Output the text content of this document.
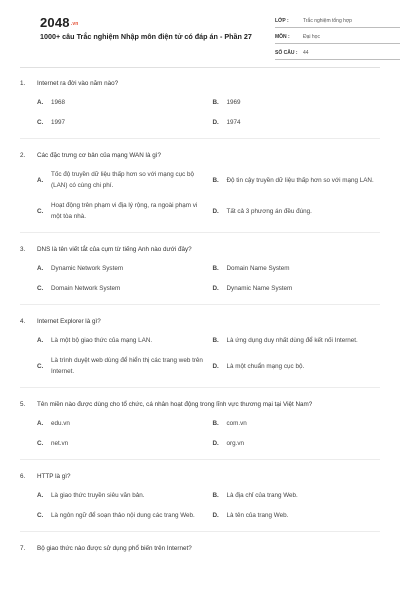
2048.vn
1000+ câu Trắc nghiệm Nhập môn điện tử có đáp án - Phần 27
LỚP :	Trắc nghiệm tổng hợp
MÔN :	Đại học
SỐ CÂU :	44
1.	Internet ra đời vào năm nào?
A.	1968	B.	1969
C.	1997	D.	1974
2.	Các đặc trưng cơ bản của mạng WAN là gì?
A.
Tốc độ truyền dữ liệu thấp hơn so với mạng cục bộ (LAN) có cùng chi phí.
B.	Độ tin cậy truyền dữ liệu thấp hơn so với mạng LAN.
C.
Hoạt động trên phạm vi địa lý rộng, ra ngoài phạm vi một tòa nhà.
D.	Tất cả 3 phương án đều đúng.
3.	DNS là tên viết tắt của cụm từ tiếng Anh nào dưới đây?
A.	Dynamic Network System	B.	Domain Name System
C.	Domain Network System	D.	Dynamic Name System
4.	Internet Explorer là gì?
A.	Là một bộ giao thức của mạng LAN.	B.	Là ứng dụng duy nhất dùng để kết nối Internet.
C.
Là trình duyệt web dùng để hiển thị các trang web trên Internet.
D.	Là một chuẩn mạng cục bộ.
5.	Tên miền nào được dùng cho tổ chức, cá nhân hoạt động trong lĩnh vực thương mại tại Việt Nam?
A.	edu.vn	B.	com.vn
C.	net.vn	D.	org.vn
6.	HTTP là gì?
A.	Là giao thức truyền siêu văn bản.	B.	Là địa chỉ của trang Web.
C.	Là ngôn ngữ để soạn thảo nội dung các trang Web.	D.	Là tên của trang Web.
7.	Bộ giao thức nào được sử dụng phổ biến trên Internet?
